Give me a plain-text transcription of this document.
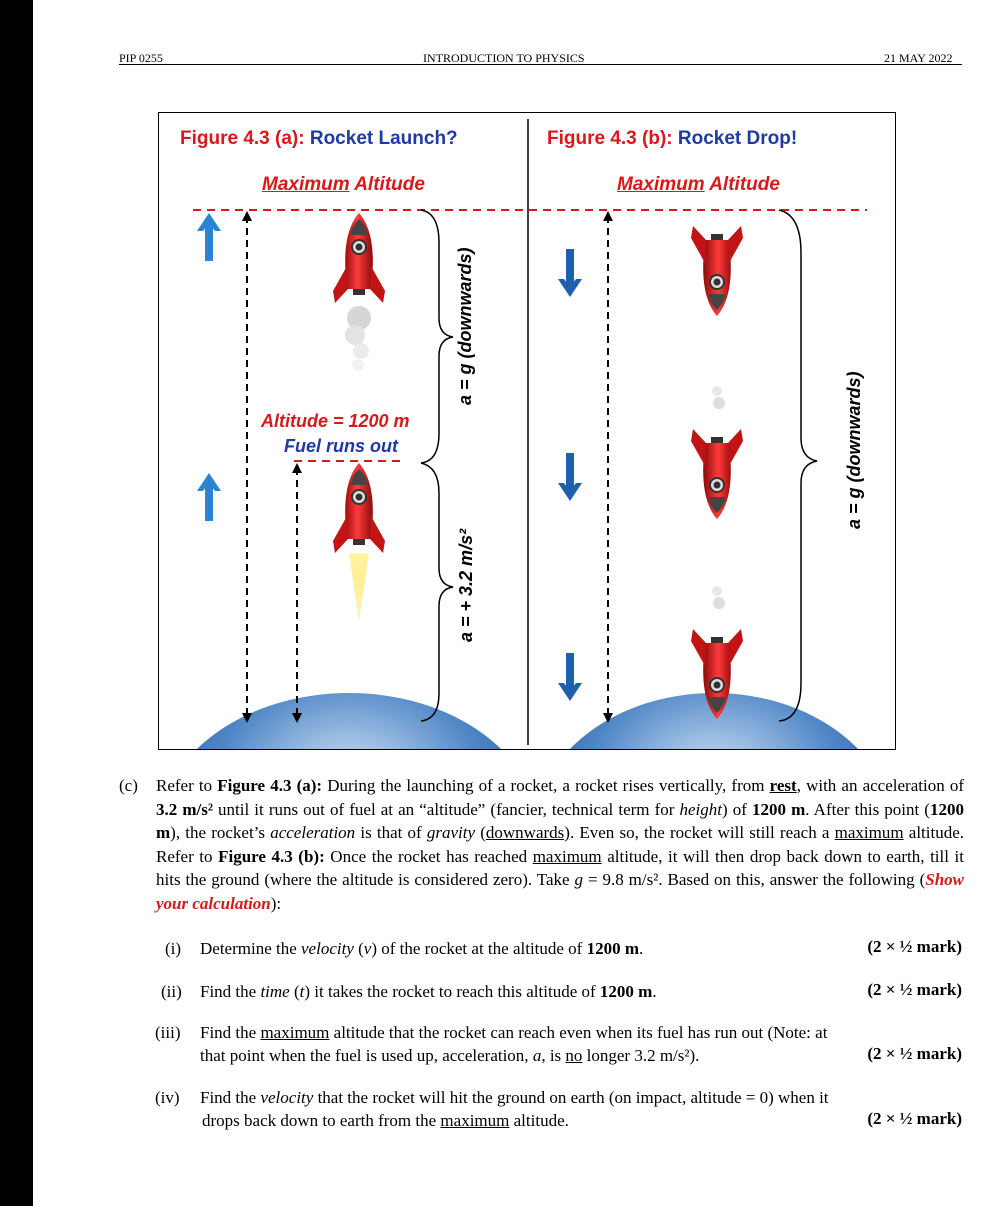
PIP 0255	INTRODUCTION TO PHYSICS	21 MAY 2022
Figure 4.3 (a): Rocket Launch?	Figure 4.3 (b): Rocket Drop!
Maximum Altitude	Maximum Altitude
Altitude = 1200 m
Fuel runs out
a = g (downwards)
a = + 3.2 m/s²
a = g (downwards)
(c) Refer to Figure 4.3 (a): During the launching of a rocket, a rocket rises vertically, from rest, with an acceleration of 3.2 m/s² until it runs out of fuel at an “altitude” (fancier, technical term for height) of 1200 m. After this point (1200 m), the rocket’s acceleration is that of gravity (downwards). Even so, the rocket will still reach a maximum altitude. Refer to Figure 4.3 (b): Once the rocket has reached maximum altitude, it will then drop back down to earth, till it hits the ground (where the altitude is considered zero). Take g = 9.8 m/s². Based on this, answer the following (Show your calculation):
(i) Determine the velocity (v) of the rocket at the altitude of 1200 m.	(2 × ½ mark)
(ii) Find the time (t) it takes the rocket to reach this altitude of 1200 m.	(2 × ½ mark)
(iii) Find the maximum altitude that the rocket can reach even when its fuel has run out (Note: at
that point when the fuel is used up, acceleration, a, is no longer 3.2 m/s²).	(2 × ½ mark)
(iv) Find the velocity that the rocket will hit the ground on earth (on impact, altitude = 0) when it
drops back down to earth from the maximum altitude.	(2 × ½ mark)
